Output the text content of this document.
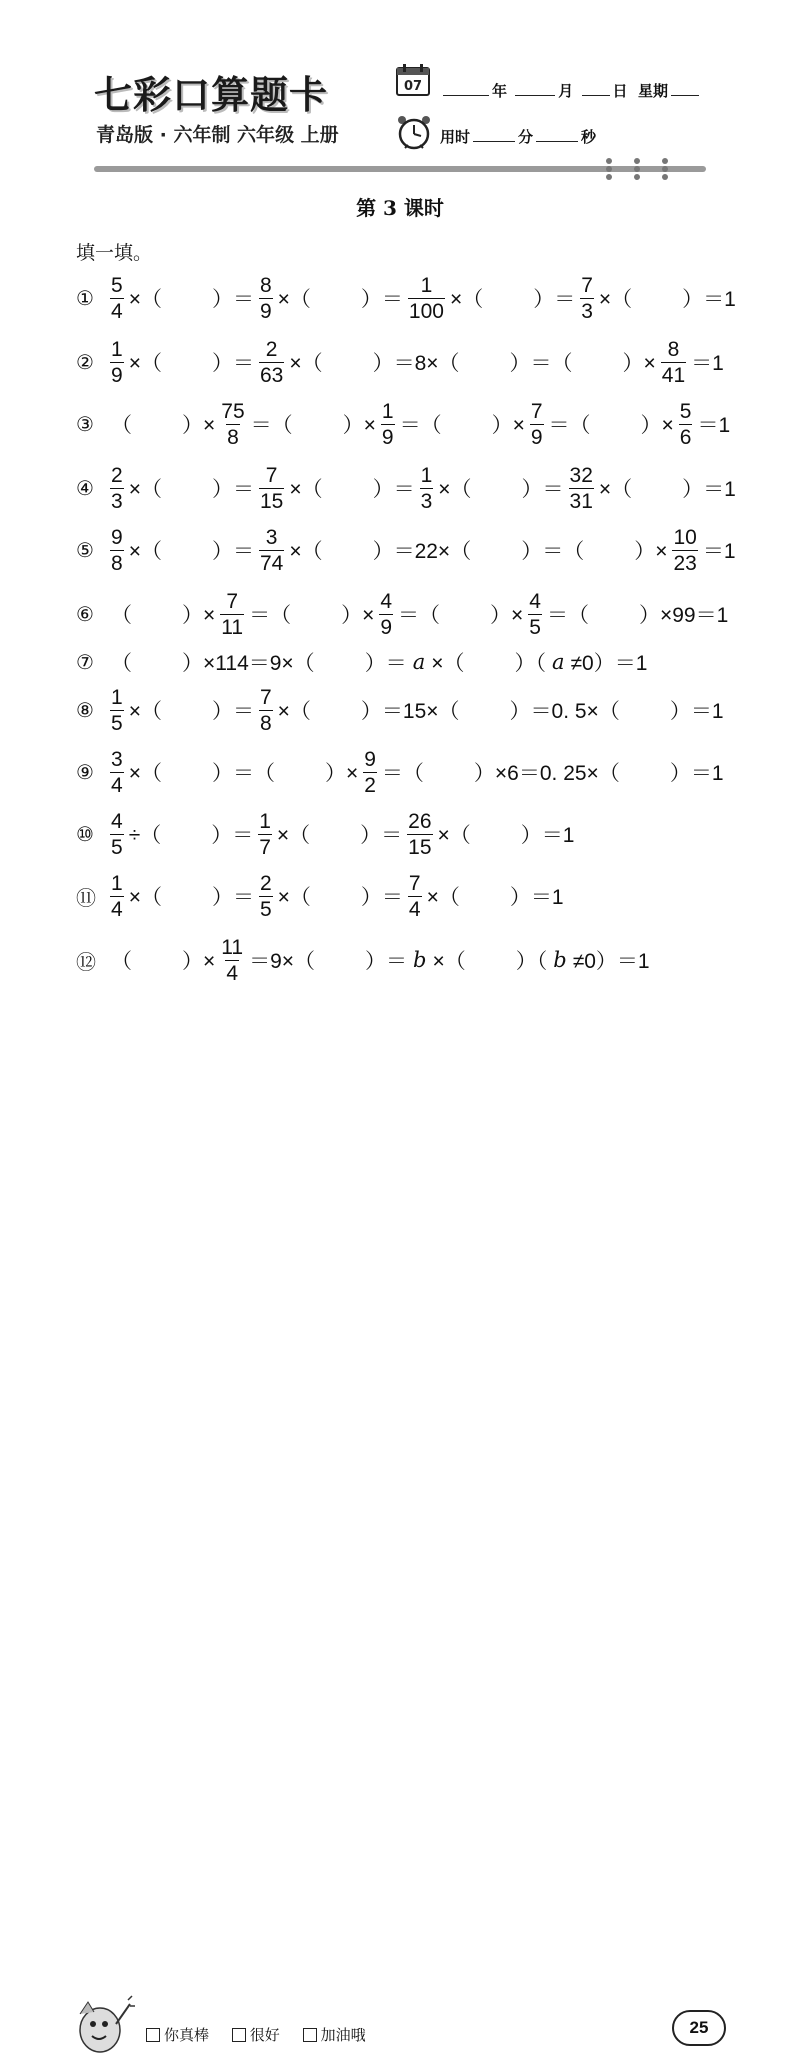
七彩口算题卡
青岛版 · 六年制 六年级 上册
07	年	月	日 星期
用时	分	秒
第 3 课时
填一填。
① $\frac{5}{4}$ ×（ ）＝ $\frac{8}{9}$ ×（ ）＝ $\frac{1}{100}$ ×（ ）＝ $\frac{7}{3}$ ×（ ）＝1
② $\frac{1}{9}$ ×（ ）＝ $\frac{2}{63}$ ×（ ）＝8×（ ）＝（ ）× $\frac{8}{41} =1$
③ （ ）× $\frac{75}{8}$ ＝（ ）× $\frac{1}{9}$ ＝（ ）× $\frac{7}{9}$ ＝（ ）× $\frac{5}{6} =1$
④ $\frac{2}{3}$ ×（ ）＝ $\frac{7}{15}$ ×（ ）＝ $\frac{1}{3}$ ×（ ）＝ $\frac{32}{31}$ ×（ ）＝1
⑤ $\frac{9}{8}$ ×（ ）＝ $\frac{3}{74}$ ×（ ）＝22×（ ）＝（ ）× $\frac{10}{23} =1$
⑥ （ ）× $\frac{7}{11}$ ＝（ ）× $\frac{4}{9}$ ＝（ ）× $\frac{4}{5}$ ＝（ ）×99＝1
⑦ （ ）×114＝9×（ ）＝ a ×（ ）（ a ≠0）＝1
⑧ $\frac{1}{5}$ ×（ ）＝ $\frac{7}{8}$ ×（ ）＝15×（ ）＝0. 5×（ ）＝1
⑨ $\frac{3}{4}$ ×（ ）＝（ ）× $\frac{9}{2}$ ＝（ ）×6＝0. 25×（ ）＝1
⑩ $\frac{4}{5}$ ÷（ ）＝ $\frac{1}{7}$ ×（ ）＝ $\frac{26}{15}$ ×（ ）＝1
⑪ $\frac{1}{4}$ ×（ ）＝ $\frac{2}{5}$ ×（ ）＝ $\frac{7}{4}$ ×（ ）＝1
⑫ （ ）× $\frac{11}{4} =9\times$（ ）＝ b ×（ ）（ b ≠0）＝1
你真棒
	很好
	加油哦	25
